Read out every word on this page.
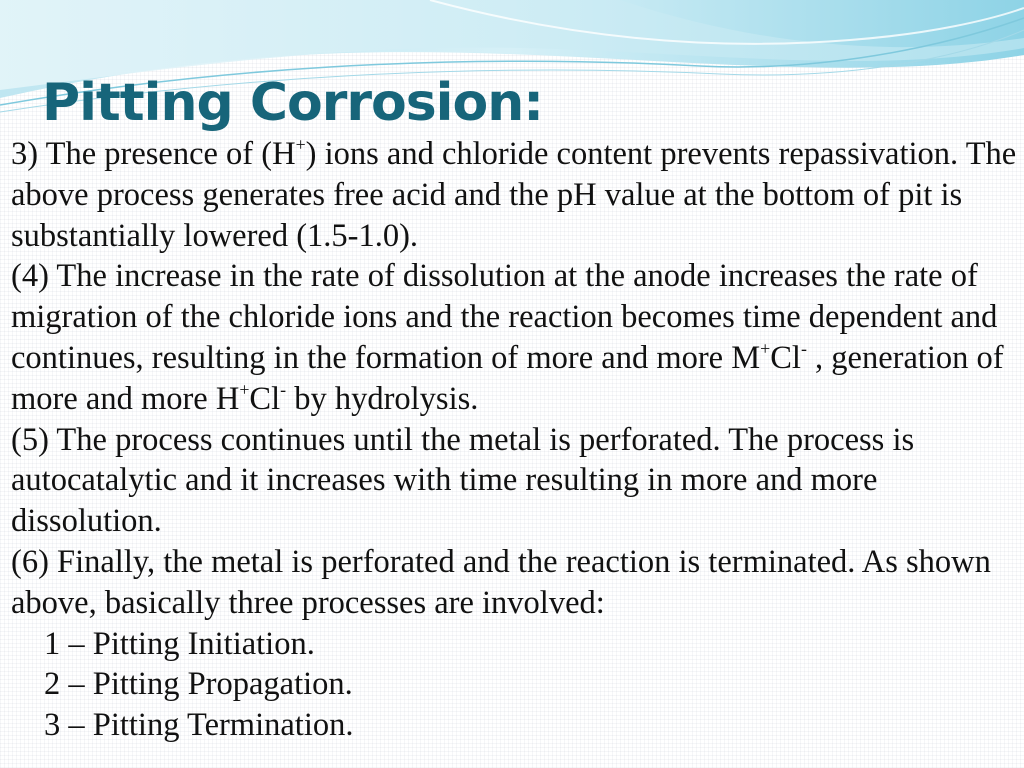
Pitting Corrosion:

3) The presence of (H+) ions and chloride content prevents repassivation. The above process generates free acid and the pH value at the bottom of pit is substantially lowered (1.5-1.0).

(4) The increase in the rate of dissolution at the anode increases the rate of migration of the chloride ions and the reaction becomes time dependent and continues, resulting in the formation of more and more M+Cl- , generation of more and more H+Cl- by hydrolysis.

(5) The process continues until the metal is perforated. The process is autocatalytic and it increases with time resulting in more and more dissolution.

(6) Finally, the metal is perforated and the reaction is terminated. As shown above, basically three processes are involved:

1 – Pitting Initiation.

2 – Pitting Propagation.

3 – Pitting Termination.
